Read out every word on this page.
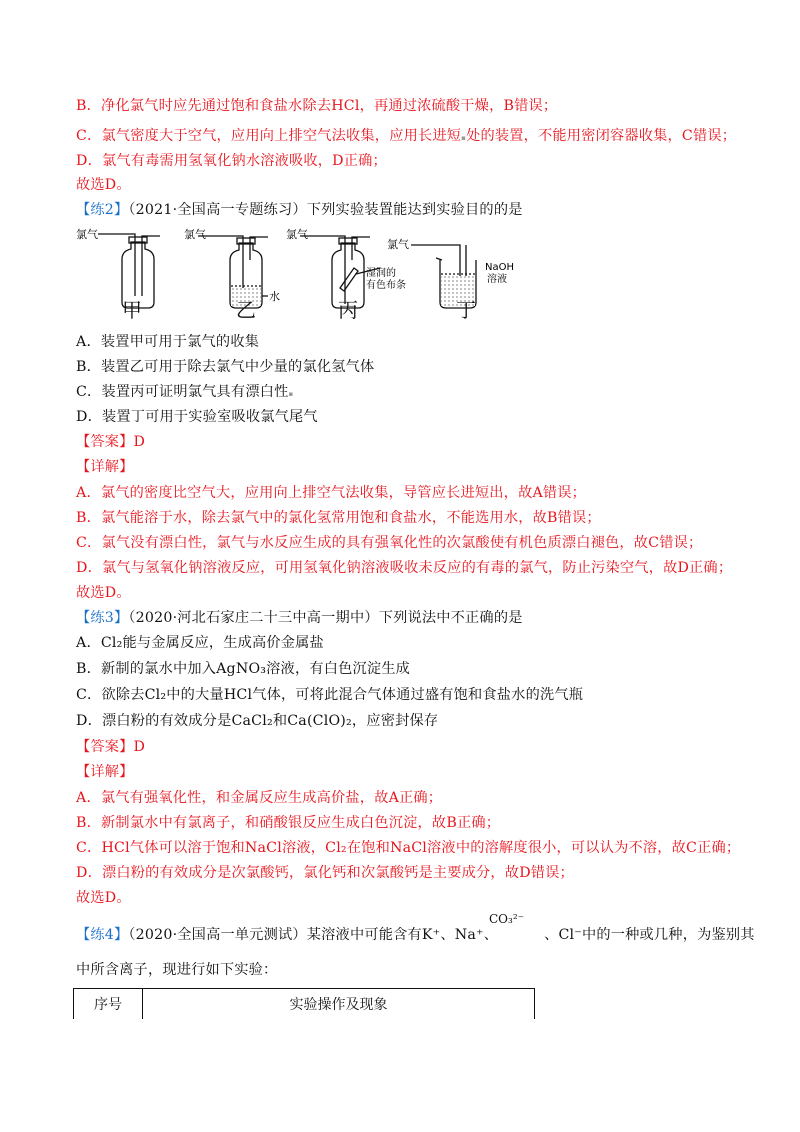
B．净化氯气时应先通过饱和食盐水除去HCl，再通过浓硫酸干燥，B错误；
C．氯气密度大于空气，应用向上排空气法收集，应用长进短▪处的装置，不能用密闭容器收集，C错误；
D．氯气有毒需用氢氧化钠水溶液吸收，D正确；
故选D。
【练2】（2021·全国高一专题练习）下列实验装置能达到实验目的的是
氯气	氯气	氯气
氯气
水
湿润的
有色布条
NaOH
溶液
甲	乙	丙	丁
A．装置甲可用于氯气的收集
B．装置乙可用于除去氯气中少量的氯化氢气体
C．装置丙可证明氯气具有漂白性▪
D．装置丁可用于实验室吸收氯气尾气
【答案】D
【详解】
A．氯气的密度比空气大，应用向上排空气法收集，导管应长进短出，故A错误；
B．氯气能溶于水，除去氯气中的氯化氢常用饱和食盐水，不能选用水，故B错误；
C．氯气没有漂白性，氯气与水反应生成的具有强氧化性的次氯酸使有机色质漂白褪色，故C错误；
D．氯气与氢氧化钠溶液反应，可用氢氧化钠溶液吸收未反应的有毒的氯气，防止污染空气，故D正确；
故选D。
【练3】（2020·河北石家庄二十三中高一期中）下列说法中不正确的是
A．Cl₂能与金属反应，生成高价金属盐
B．新制的氯水中加入AgNO₃溶液，有白色沉淀生成
C．欲除去Cl₂中的大量HCl气体，可将此混合气体通过盛有饱和食盐水的洗气瓶
D．漂白粉的有效成分是CaCl₂和Ca(ClO)₂，应密封保存
【答案】D
【详解】
A．氯气有强氧化性，和金属反应生成高价盐，故A正确；
B．新制氯水中有氯离子，和硝酸银反应生成白色沉淀，故B正确；
C．HCl气体可以溶于饱和NaCl溶液，Cl₂在饱和NaCl溶液中的溶解度很小，可以认为不溶，故C正确；
D．漂白粉的有效成分是次氯酸钙，氯化钙和次氯酸钙是主要成分，故D错误；
故选D。
【练4】（2020·全国高一单元测试）某溶液中可能含有K⁺、Na⁺、	、Cl⁻中的一种或几种，为鉴别其
CO₃²⁻
中所含离子，现进行如下实验：
序号	实验操作及现象
